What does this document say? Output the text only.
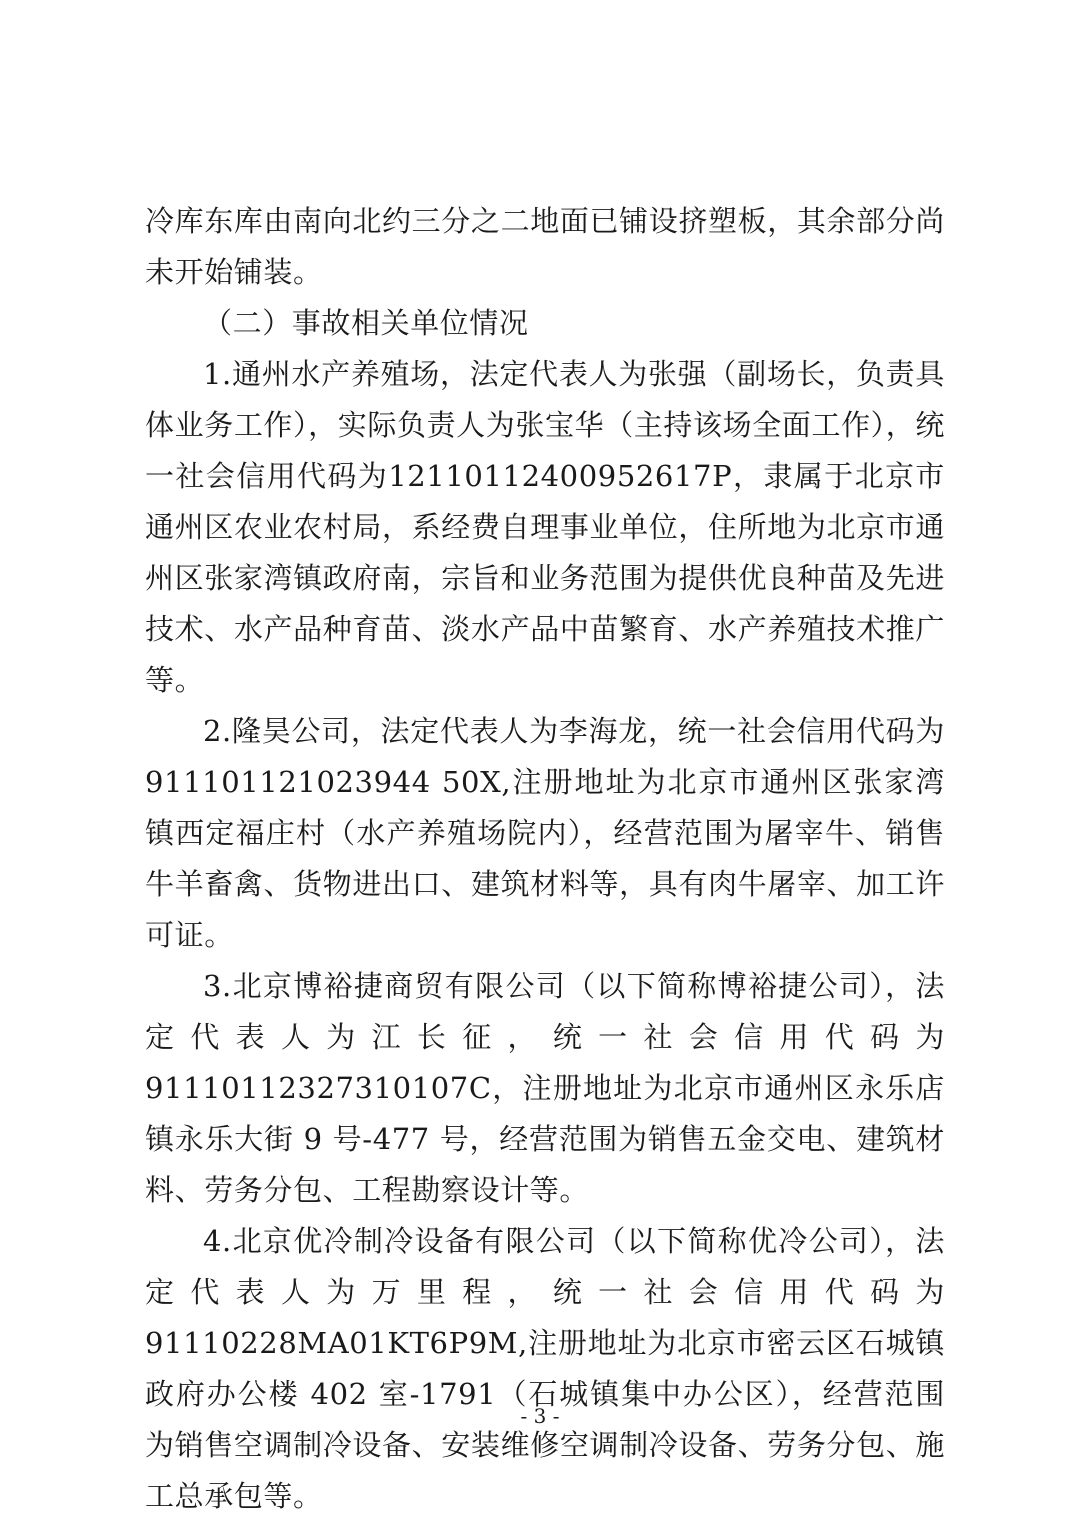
冷库东库由南向北约三分之二地面已铺设挤塑板，其余部分尚未开始铺装。

（二）事故相关单位情况

1.通州水产养殖场，法定代表人为张强（副场长，负责具体业务工作），实际负责人为张宝华（主持该场全面工作），统一社会信用代码为12110112400952617P，隶属于北京市通州区农业农村局，系经费自理事业单位，住所地为北京市通州区张家湾镇政府南，宗旨和业务范围为提供优良种苗及先进技术、水产品种育苗、淡水产品中苗繁育、水产养殖技术推广等。

2.隆昊公司，法定代表人为李海龙，统一社会信用代码为911101121023944 50X,注册地址为北京市通州区张家湾镇西定福庄村（水产养殖场院内），经营范围为屠宰牛、销售牛羊畜禽、货物进出口、建筑材料等，具有肉牛屠宰、加工许可证。

3.北京博裕捷商贸有限公司（以下简称博裕捷公司），法定代表人为江长征，统一社会信用代码为91110112327310107C，注册地址为北京市通州区永乐店镇永乐大街 9 号-477 号，经营范围为销售五金交电、建筑材料、劳务分包、工程勘察设计等。

4.北京优冷制冷设备有限公司（以下简称优冷公司），法定代表人为万里程，统一社会信用代码为91110228MA01KT6P9M,注册地址为北京市密云区石城镇政府办公楼 402 室-1791（石城镇集中办公区），经营范围为销售空调制冷设备、安装维修空调制冷设备、劳务分包、施工总承包等。

- 3 -
